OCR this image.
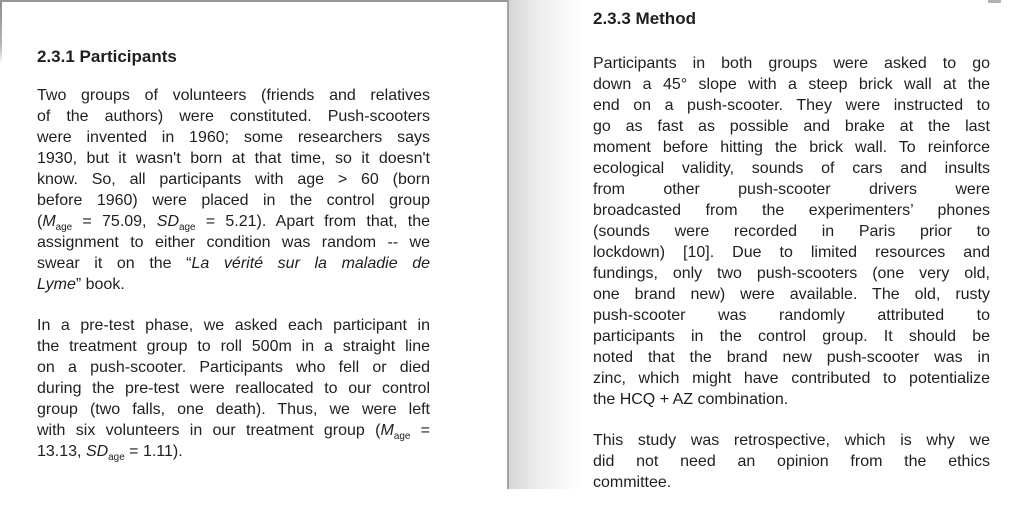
2.3.1 Participants
Two groups of volunteers (friends and relatives
of the authors) were constituted. Push-scooters
were invented in 1960; some researchers says
1930, but it wasn't born at that time, so it doesn't
know. So, all participants with age > 60 (born
before 1960) were placed in the control group
($M_{age} = 75.09$, $SD_{age} = 5.21$). Apart from that, the
assignment to either condition was random -- we
swear it on the “La vérité sur la maladie de
Lyme” book.
In a pre-test phase, we asked each participant in
the treatment group to roll 500m in a straight line
on a push-scooter. Participants who fell or died
during the pre-test were reallocated to our control
group (two falls, one death). Thus, we were left
with six volunteers in our treatment group ($M_{age}$ =
13.13, $SD_{age} = 1.11$).
2.3.3 Method
Participants in both groups were asked to go
down a 45° slope with a steep brick wall at the
end on a push-scooter. They were instructed to
go as fast as possible and brake at the last
moment before hitting the brick wall. To reinforce
ecological validity, sounds of cars and insults
from other push-scooter drivers were
broadcasted from the experimenters’ phones
(sounds were recorded in Paris prior to
lockdown) [10]. Due to limited resources and
fundings, only two push-scooters (one very old,
one brand new) were available. The old, rusty
push-scooter was randomly attributed to
participants in the control group. It should be
noted that the brand new push-scooter was in
zinc, which might have contributed to potentialize
the HCQ + AZ combination.
This study was retrospective, which is why we
did not need an opinion from the ethics
committee.
